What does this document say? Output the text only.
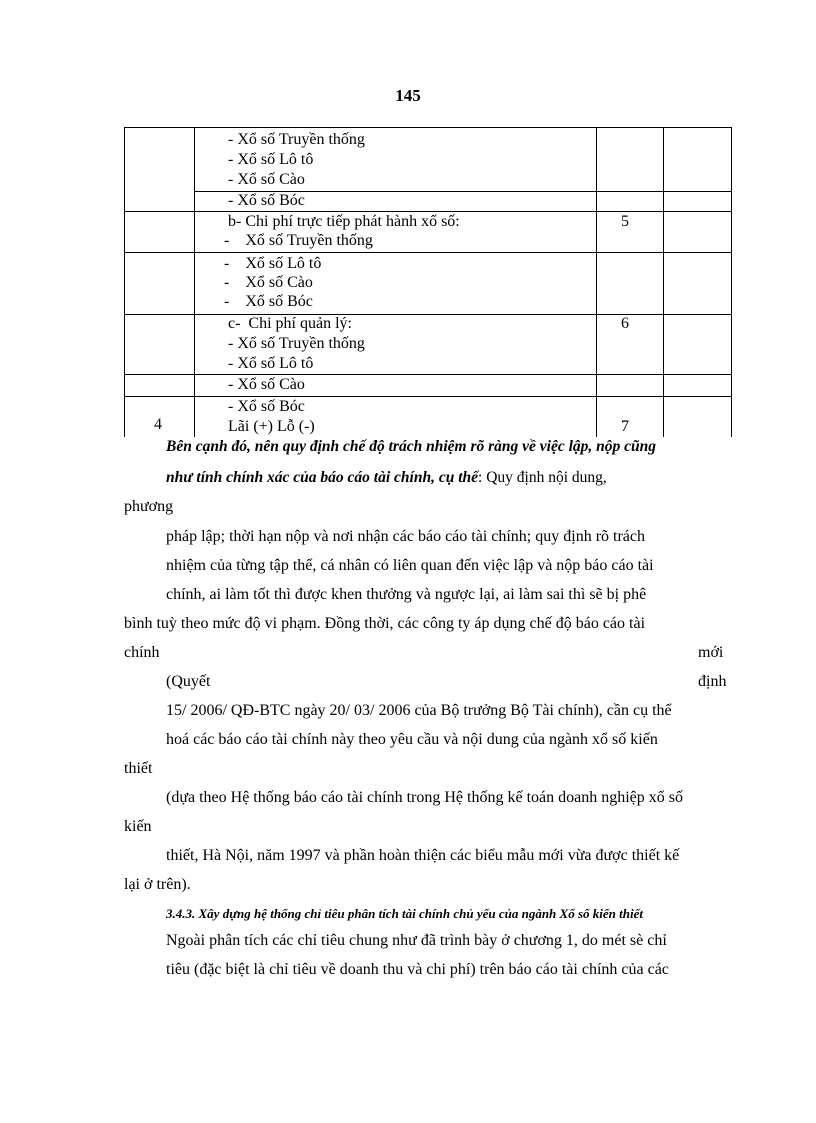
145
- Xổ số Truyền thống
- Xổ số Lô tô
- Xổ số Cào
- Xổ số Bóc
b- Chi phí trực tiếp phát hành xổ số:
-    Xổ số Truyền thống
-    Xổ số Lô tô
-    Xổ số Cào
-    Xổ số Bóc
c-  Chi phí quản lý:
- Xổ số Truyền thống
- Xổ số Lô tô
- Xổ số Cào
- Xổ số Bóc
Lãi (+) Lỗ (-)
5
6
7
4
Bên cạnh đó, nên quy định chế độ trách nhiệm rõ ràng về việc lập, nộp cũng
như tính chính xác của báo cáo tài chính, cụ thể: Quy định nội dung,
phương
pháp lập; thời hạn nộp và nơi nhận các báo cáo tài chính; quy định rõ trách
nhiệm của từng tập thể, cá nhân có liên quan đến việc lập và nộp báo cáo tài
chính, ai làm tốt thì được khen thưởng và ngược lại, ai làm sai thì sẽ bị phê
bình tuỳ theo mức độ vi phạm. Đồng thời, các công ty áp dụng chế độ báo cáo tài
chính	mới
(Quyết	định
15/ 2006/ QĐ-BTC ngày 20/ 03/ 2006 của Bộ trưởng Bộ Tài chính), cần cụ thể
hoá các báo cáo tài chính này theo yêu cầu và nội dung của ngành xổ số kiến
thiết
(dựa theo Hệ thống báo cáo tài chính trong Hệ thống kế toán doanh nghiệp xổ số
kiến
thiết, Hà Nội, năm 1997 và phần hoàn thiện các biểu mẫu mới vừa được thiết kế
lại ở trên).
3.4.3. Xây dựng hệ thống chỉ tiêu phân tích tài chính chủ yếu của ngành Xổ số kiến thiết
Ngoài phân tích các chỉ tiêu chung như đã trình bày ở chương 1, do mét sè chỉ
tiêu (đặc biệt là chỉ tiêu về doanh thu và chi phí) trên báo cáo tài chính của các
